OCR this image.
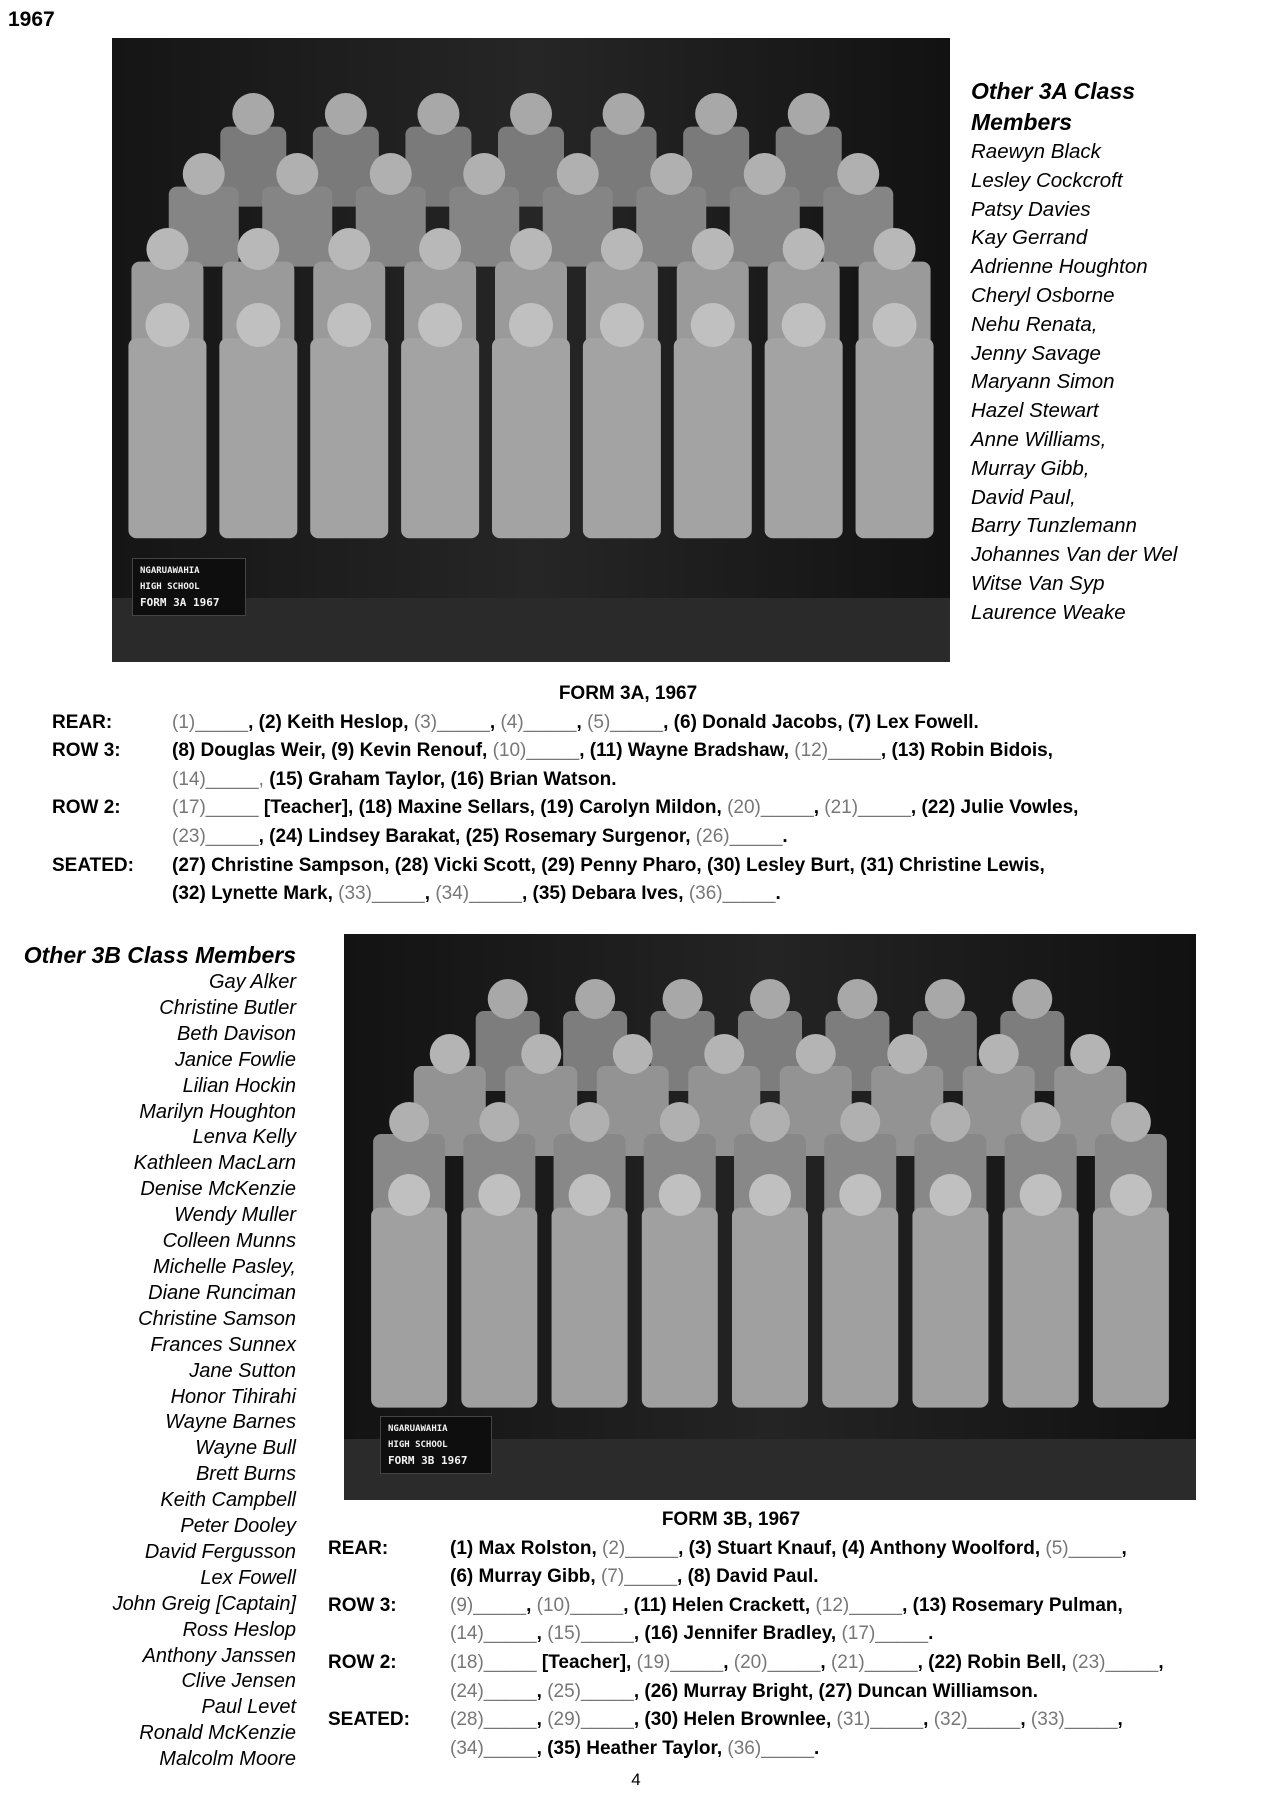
1967
NGARUAWAHIA
HIGH SCHOOL
FORM 3A 1967
Other 3A Class
Members
Raewyn Black
Lesley Cockcroft
Patsy Davies
Kay Gerrand
Adrienne Houghton
Cheryl Osborne
Nehu Renata,
Jenny Savage
Maryann Simon
Hazel Stewart
Anne Williams,
Murray Gibb,
David Paul,
Barry Tunzlemann
Johannes Van der Wel
Witse Van Syp
Laurence Weake
FORM 3A, 1967
REAR:	(1)_____, (2) Keith Heslop, (3)_____, (4)_____, (5)_____, (6) Donald Jacobs, (7) Lex Fowell.
ROW 3:	(8) Douglas Weir, (9) Kevin Renouf, (10)_____, (11) Wayne Bradshaw, (12)_____, (13) Robin Bidois,
(14)_____, (15) Graham Taylor, (16) Brian Watson.
ROW 2:	(17)_____ [Teacher], (18) Maxine Sellars, (19) Carolyn Mildon, (20)_____, (21)_____, (22) Julie Vowles,
(23)_____, (24) Lindsey Barakat, (25) Rosemary Surgenor, (26)_____.
SEATED:	(27) Christine Sampson, (28) Vicki Scott, (29) Penny Pharo, (30) Lesley Burt, (31) Christine Lewis,
(32) Lynette Mark, (33)_____, (34)_____, (35) Debara Ives, (36)_____.
Other 3B Class Members
Gay Alker
Christine Butler
Beth Davison
Janice Fowlie
Lilian Hockin
Marilyn Houghton
Lenva Kelly
Kathleen MacLarn
Denise McKenzie
Wendy Muller
Colleen Munns
Michelle Pasley,
Diane Runciman
Christine Samson
Frances Sunnex
Jane Sutton
Honor Tihirahi
Wayne Barnes
Wayne Bull
Brett Burns
Keith Campbell
Peter Dooley
David Fergusson
Lex Fowell
John Greig [Captain]
Ross Heslop
Anthony Janssen
Clive Jensen
Paul Levet
Ronald McKenzie
Malcolm Moore
NGARUAWAHIA
HIGH SCHOOL
FORM 3B 1967
FORM 3B, 1967
REAR:	(1) Max Rolston, (2)_____, (3) Stuart Knauf, (4) Anthony Woolford, (5)_____,
(6) Murray Gibb, (7)_____, (8) David Paul.
ROW 3:	(9)_____, (10)_____, (11) Helen Crackett, (12)_____, (13) Rosemary Pulman,
(14)_____, (15)_____, (16) Jennifer Bradley, (17)_____.
ROW 2:	(18)_____ [Teacher], (19)_____, (20)_____, (21)_____, (22) Robin Bell, (23)_____,
(24)_____, (25)_____, (26) Murray Bright, (27) Duncan Williamson.
SEATED:	(28)_____, (29)_____, (30) Helen Brownlee, (31)_____, (32)_____, (33)_____,
(34)_____, (35) Heather Taylor, (36)_____.
4
